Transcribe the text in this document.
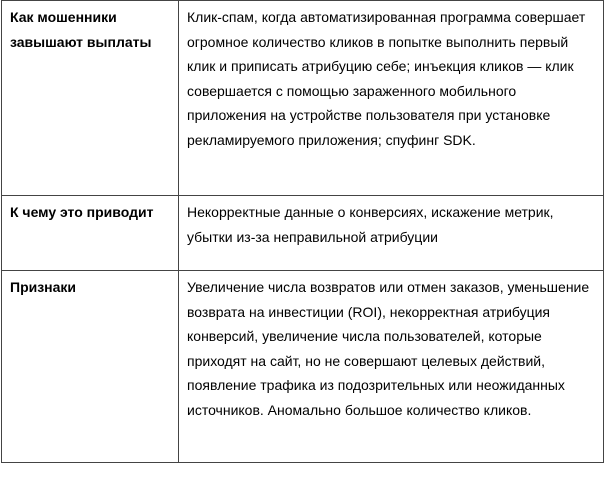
Как мошенники завышают выплаты	Клик-спам, когда автоматизированная программа совершает огромное количество кликов в попытке выполнить первый клик и приписать атрибуцию себе; инъекция кликов — клик совершается с помощью зараженного мобильного приложения на устройстве пользователя при установке рекламируемого приложения; спуфинг SDK.
К чему это приводит	Некорректные данные о конверсиях, искажение метрик, убытки из-за неправильной атрибуции
Признаки	Увеличение числа возвратов или отмен заказов, уменьшение возврата на инвестиции (ROI), некорректная атрибуция конверсий, увеличение числа пользователей, которые приходят на сайт, но не совершают целевых действий, появление трафика из подозрительных или неожиданных источников. Аномально большое количество кликов.
